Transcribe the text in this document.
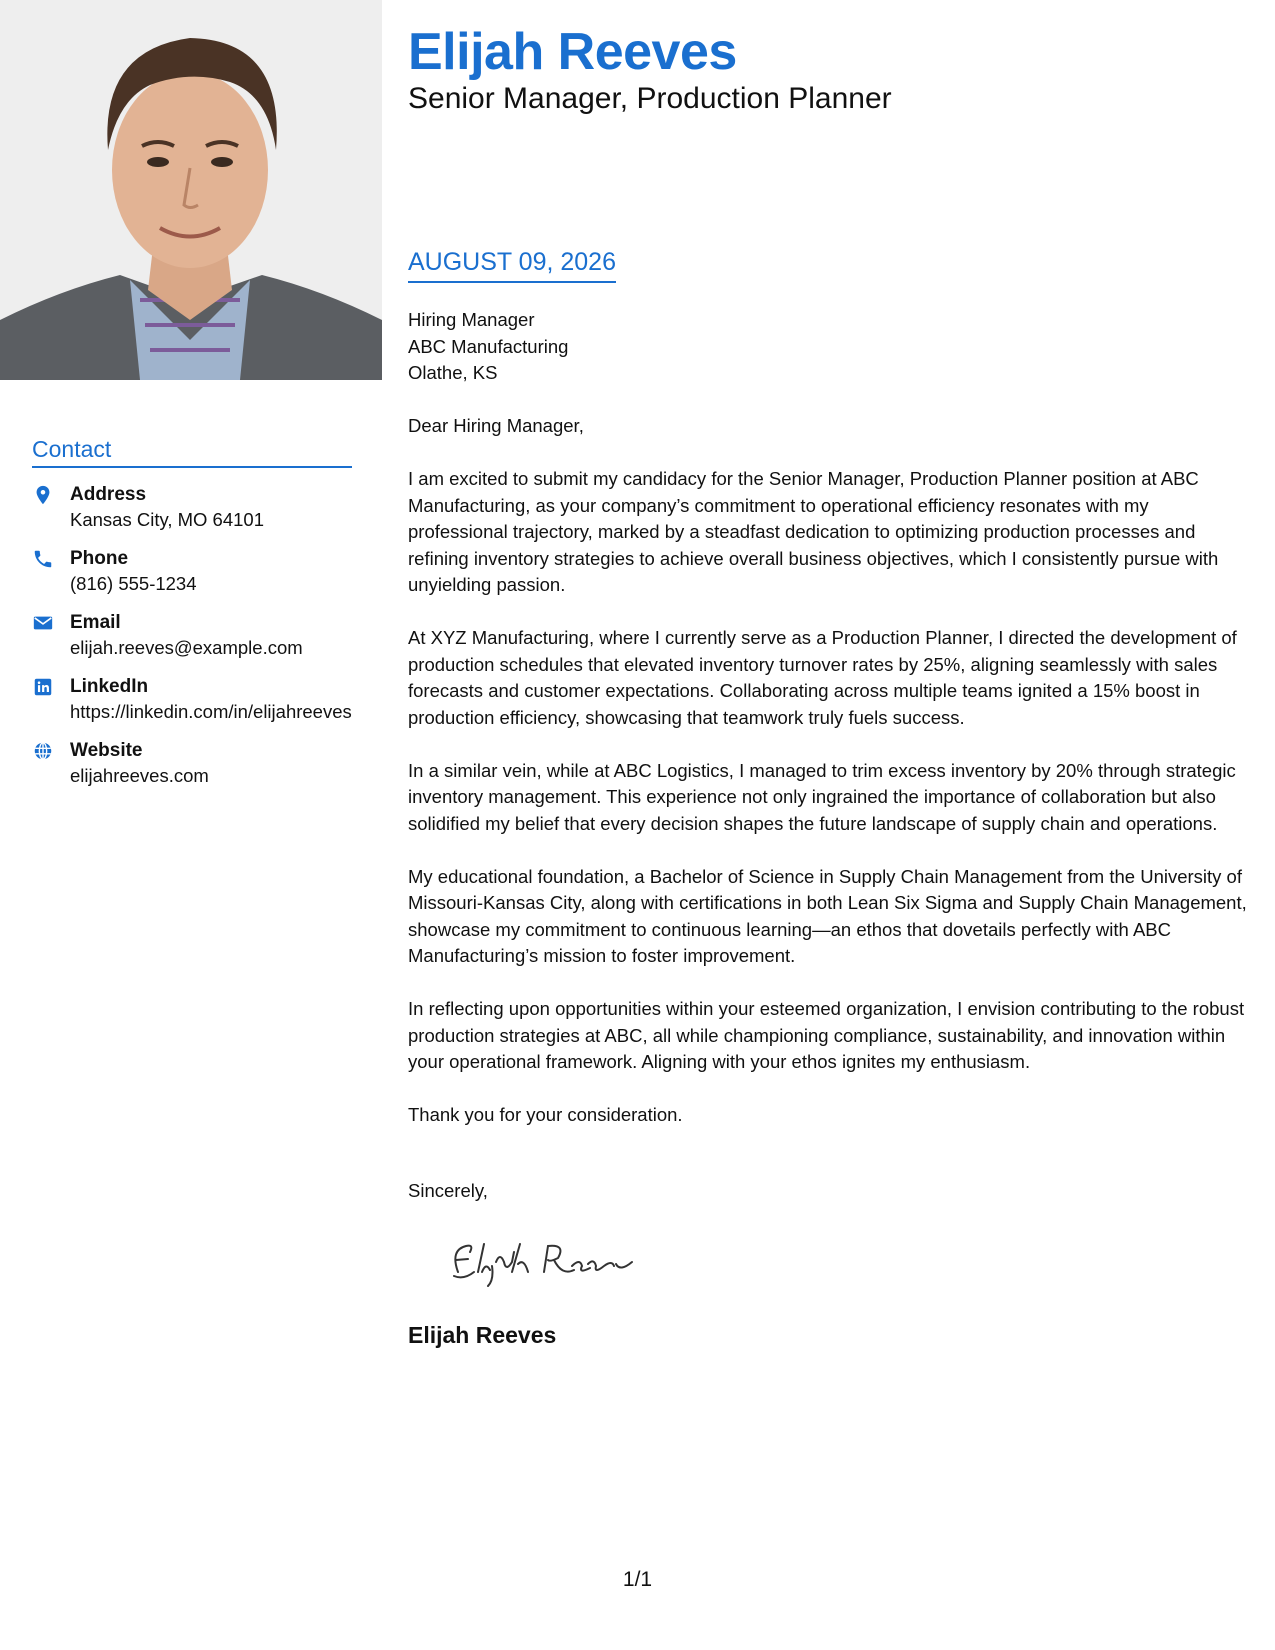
Contact
Address
Kansas City, MO 64101
Phone
(816) 555-1234
Email
elijah.reeves@example.com
LinkedIn
https://linkedin.com/in/elijahreeves
Website
elijahreeves.com
Elijah Reeves
Senior Manager, Production Planner
AUGUST 09, 2026
Hiring Manager
ABC Manufacturing
Olathe, KS

Dear Hiring Manager,

I am excited to submit my candidacy for the Senior Manager, Production Planner position at ABC Manufacturing, as your company’s commitment to operational efficiency resonates with my professional trajectory, marked by a steadfast dedication to optimizing production processes and refining inventory strategies to achieve overall business objectives, which I consistently pursue with unyielding passion.

At XYZ Manufacturing, where I currently serve as a Production Planner, I directed the development of production schedules that elevated inventory turnover rates by 25%, aligning seamlessly with sales forecasts and customer expectations. Collaborating across multiple teams ignited a 15% boost in production efficiency, showcasing that teamwork truly fuels success.

In a similar vein, while at ABC Logistics, I managed to trim excess inventory by 20% through strategic inventory management. This experience not only ingrained the importance of collaboration but also solidified my belief that every decision shapes the future landscape of supply chain and operations.

My educational foundation, a Bachelor of Science in Supply Chain Management from the University of Missouri-Kansas City, along with certifications in both Lean Six Sigma and Supply Chain Management, showcase my commitment to continuous learning—an ethos that dovetails perfectly with ABC Manufacturing’s mission to foster improvement.

In reflecting upon opportunities within your esteemed organization, I envision contributing to the robust production strategies at ABC, all while championing compliance, sustainability, and innovation within your operational framework. Aligning with your ethos ignites my enthusiasm.

Thank you for your consideration.

Sincerely,
Elijah Reeves
1/1
